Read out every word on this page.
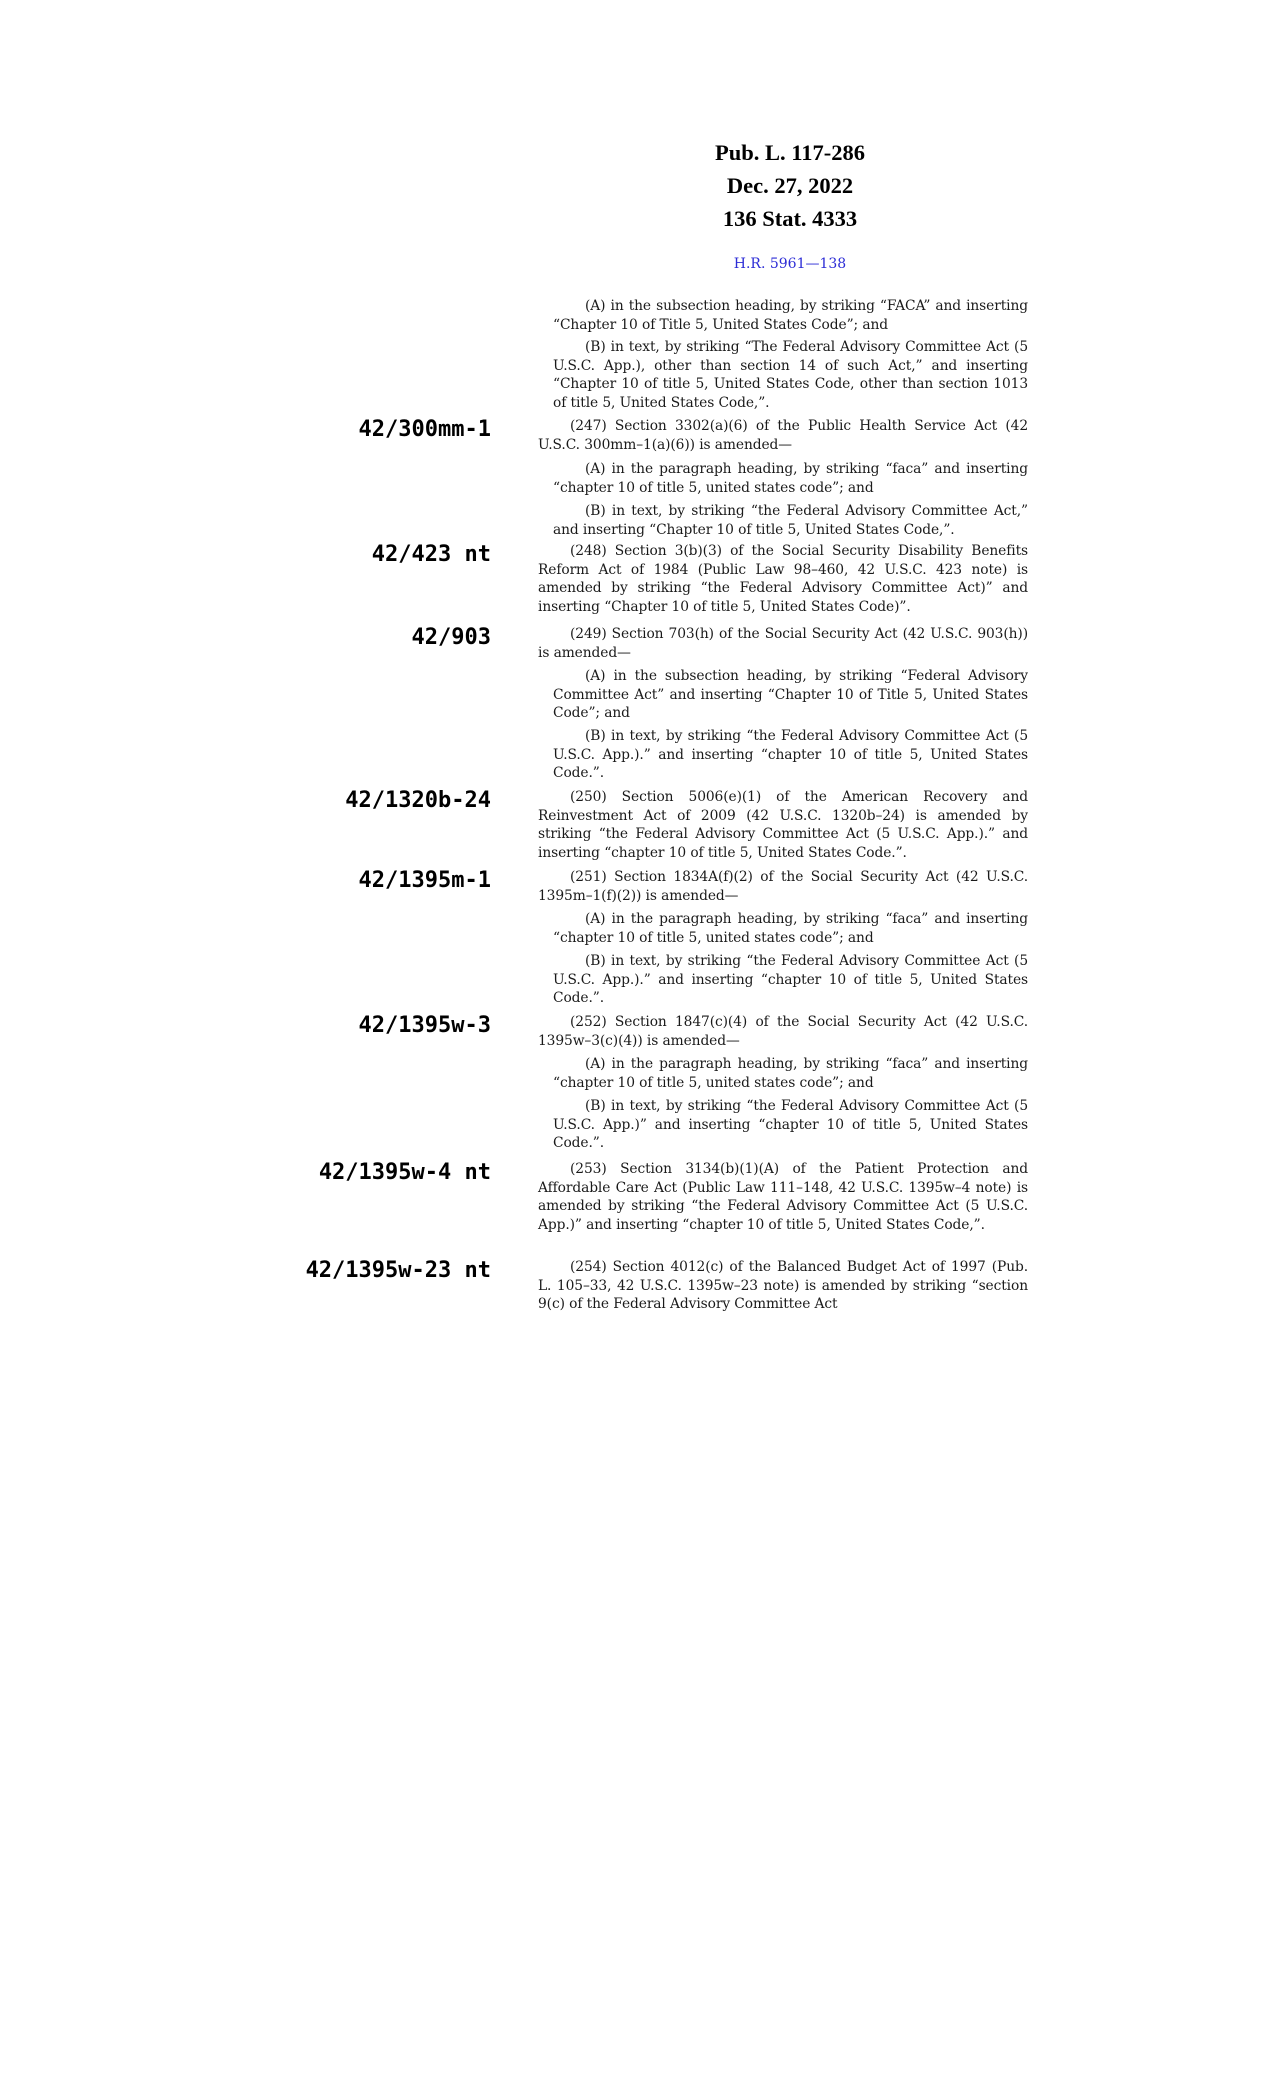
Pub. L. 117-286
Dec. 27, 2022
136 Stat. 4333
H.R. 5961—138
42/300mm-1
42/423 nt
42/903
42/1320b-24
42/1395m-1
42/1395w-3
42/1395w-4 nt
42/1395w-23 nt
(A) in the subsection heading, by striking “FACA” and inserting “Chapter 10 of Title 5, United States Code”; and
(B) in text, by striking “The Federal Advisory Committee Act (5 U.S.C. App.), other than section 14 of such Act,” and inserting “Chapter 10 of title 5, United States Code, other than section 1013 of title 5, United States Code,”.
(247) Section 3302(a)(6) of the Public Health Service Act (42 U.S.C. 300mm–1(a)(6)) is amended—
(A) in the paragraph heading, by striking “faca” and inserting “chapter 10 of title 5, united states code”; and
(B) in text, by striking “the Federal Advisory Committee Act,” and inserting “Chapter 10 of title 5, United States Code,”.
(248) Section 3(b)(3) of the Social Security Disability Benefits Reform Act of 1984 (Public Law 98–460, 42 U.S.C. 423 note) is amended by striking “the Federal Advisory Committee Act)” and inserting “Chapter 10 of title 5, United States Code)”.
(249) Section 703(h) of the Social Security Act (42 U.S.C. 903(h)) is amended—
(A) in the subsection heading, by striking “Federal Advisory Committee Act” and inserting “Chapter 10 of Title 5, United States Code”; and
(B) in text, by striking “the Federal Advisory Committee Act (5 U.S.C. App.).” and inserting “chapter 10 of title 5, United States Code.”.
(250) Section 5006(e)(1) of the American Recovery and Reinvestment Act of 2009 (42 U.S.C. 1320b–24) is amended by striking “the Federal Advisory Committee Act (5 U.S.C. App.).” and inserting “chapter 10 of title 5, United States Code.”.
(251) Section 1834A(f)(2) of the Social Security Act (42 U.S.C. 1395m–1(f)(2)) is amended—
(A) in the paragraph heading, by striking “faca” and inserting “chapter 10 of title 5, united states code”; and
(B) in text, by striking “the Federal Advisory Committee Act (5 U.S.C. App.).” and inserting “chapter 10 of title 5, United States Code.”.
(252) Section 1847(c)(4) of the Social Security Act (42 U.S.C. 1395w–3(c)(4)) is amended—
(A) in the paragraph heading, by striking “faca” and inserting “chapter 10 of title 5, united states code”; and
(B) in text, by striking “the Federal Advisory Committee Act (5 U.S.C. App.)” and inserting “chapter 10 of title 5, United States Code.”.
(253) Section 3134(b)(1)(A) of the Patient Protection and Affordable Care Act (Public Law 111–148, 42 U.S.C. 1395w–4 note) is amended by striking “the Federal Advisory Committee Act (5 U.S.C. App.)” and inserting “chapter 10 of title 5, United States Code,”.
(254) Section 4012(c) of the Balanced Budget Act of 1997 (Pub. L. 105–33, 42 U.S.C. 1395w–23 note) is amended by striking “section 9(c) of the Federal Advisory Committee Act
